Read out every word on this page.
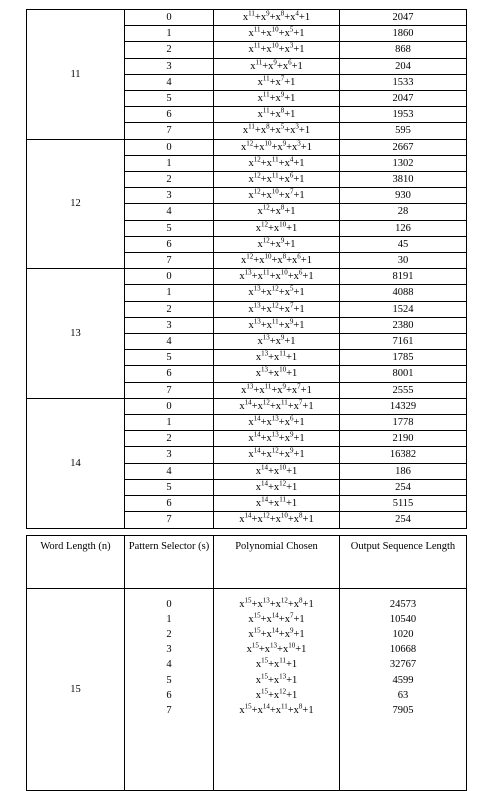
11	0	$x^{11}+x^9+x^8+x^4+1$	2047
	1	$x^{11}+x^{10}+x^5+1$	1860
	2	$x^{11}+x^{10}+x^3+1$	868
	3	$x^{11}+x^9+x^6+1$	204
	4	$x^{11}+x^7+1$	1533
	5	$x^{11}+x^9+1$	2047
	6	$x^{11}+x^8+1$	1953
	7	$x^{11}+x^8+x^5+x^3+1$	595
12	0	$x^{12}+x^{10}+x^9+x^3+1$	2667
	1	$x^{12}+x^{11}+x^4+1$	1302
	2	$x^{12}+x^{11}+x^6+1$	3810
	3	$x^{12}+x^{10}+x^7+1$	930
	4	$x^{12}+x^8+1$	28
	5	$x^{12}+x^{10}+1$	126
	6	$x^{12}+x^9+1$	45
	7	$x^{12}+x^{10}+x^8+x^6+1$	30
13	0	$x^{13}+x^{11}+x^{10}+x^6+1$	8191
	1	$x^{13}+x^{12}+x^5+1$	4088
	2	$x^{13}+x^{12}+x^7+1$	1524
	3	$x^{13}+x^{11}+x^9+1$	2380
	4	$x^{13}+x^9+1$	7161
	5	$x^{13}+x^{11}+1$	1785
	6	$x^{13}+x^{10}+1$	8001
	7	$x^{13}+x^{11}+x^9+x^7+1$	2555
14	0	$x^{14}+x^{12}+x^{11}+x^7+1$	14329
	1	$x^{14}+x^{13}+x^6+1$	1778
	2	$x^{14}+x^{13}+x^9+1$	2190
	3	$x^{14}+x^{12}+x^9+1$	16382
	4	$x^{14}+x^{10}+1$	186
	5	$x^{14}+x^{12}+1$	254
	6	$x^{14}+x^{11}+1$	5115
	7	$x^{14}+x^{12}+x^{10}+x^8+1$	254
Word Length (n)	Pattern Selector (s)	Polynomial Chosen	Output Sequence Length
15			
	0	$x^{15}+x^{13}+x^{12}+x^8+1$	24573
	1	$x^{15}+x^{14}+x^7+1$	10540
	2	$x^{15}+x^{14}+x^9+1$	1020
	3	$x^{15}+x^{13}+x^{10}+1$	10668
	4	$x^{15}+x^{11}+1$	32767
	5	$x^{15}+x^{13}+1$	4599
	6	$x^{15}+x^{12}+1$	63
	7	$x^{15}+x^{14}+x^{11}+x^8+1$	7905
